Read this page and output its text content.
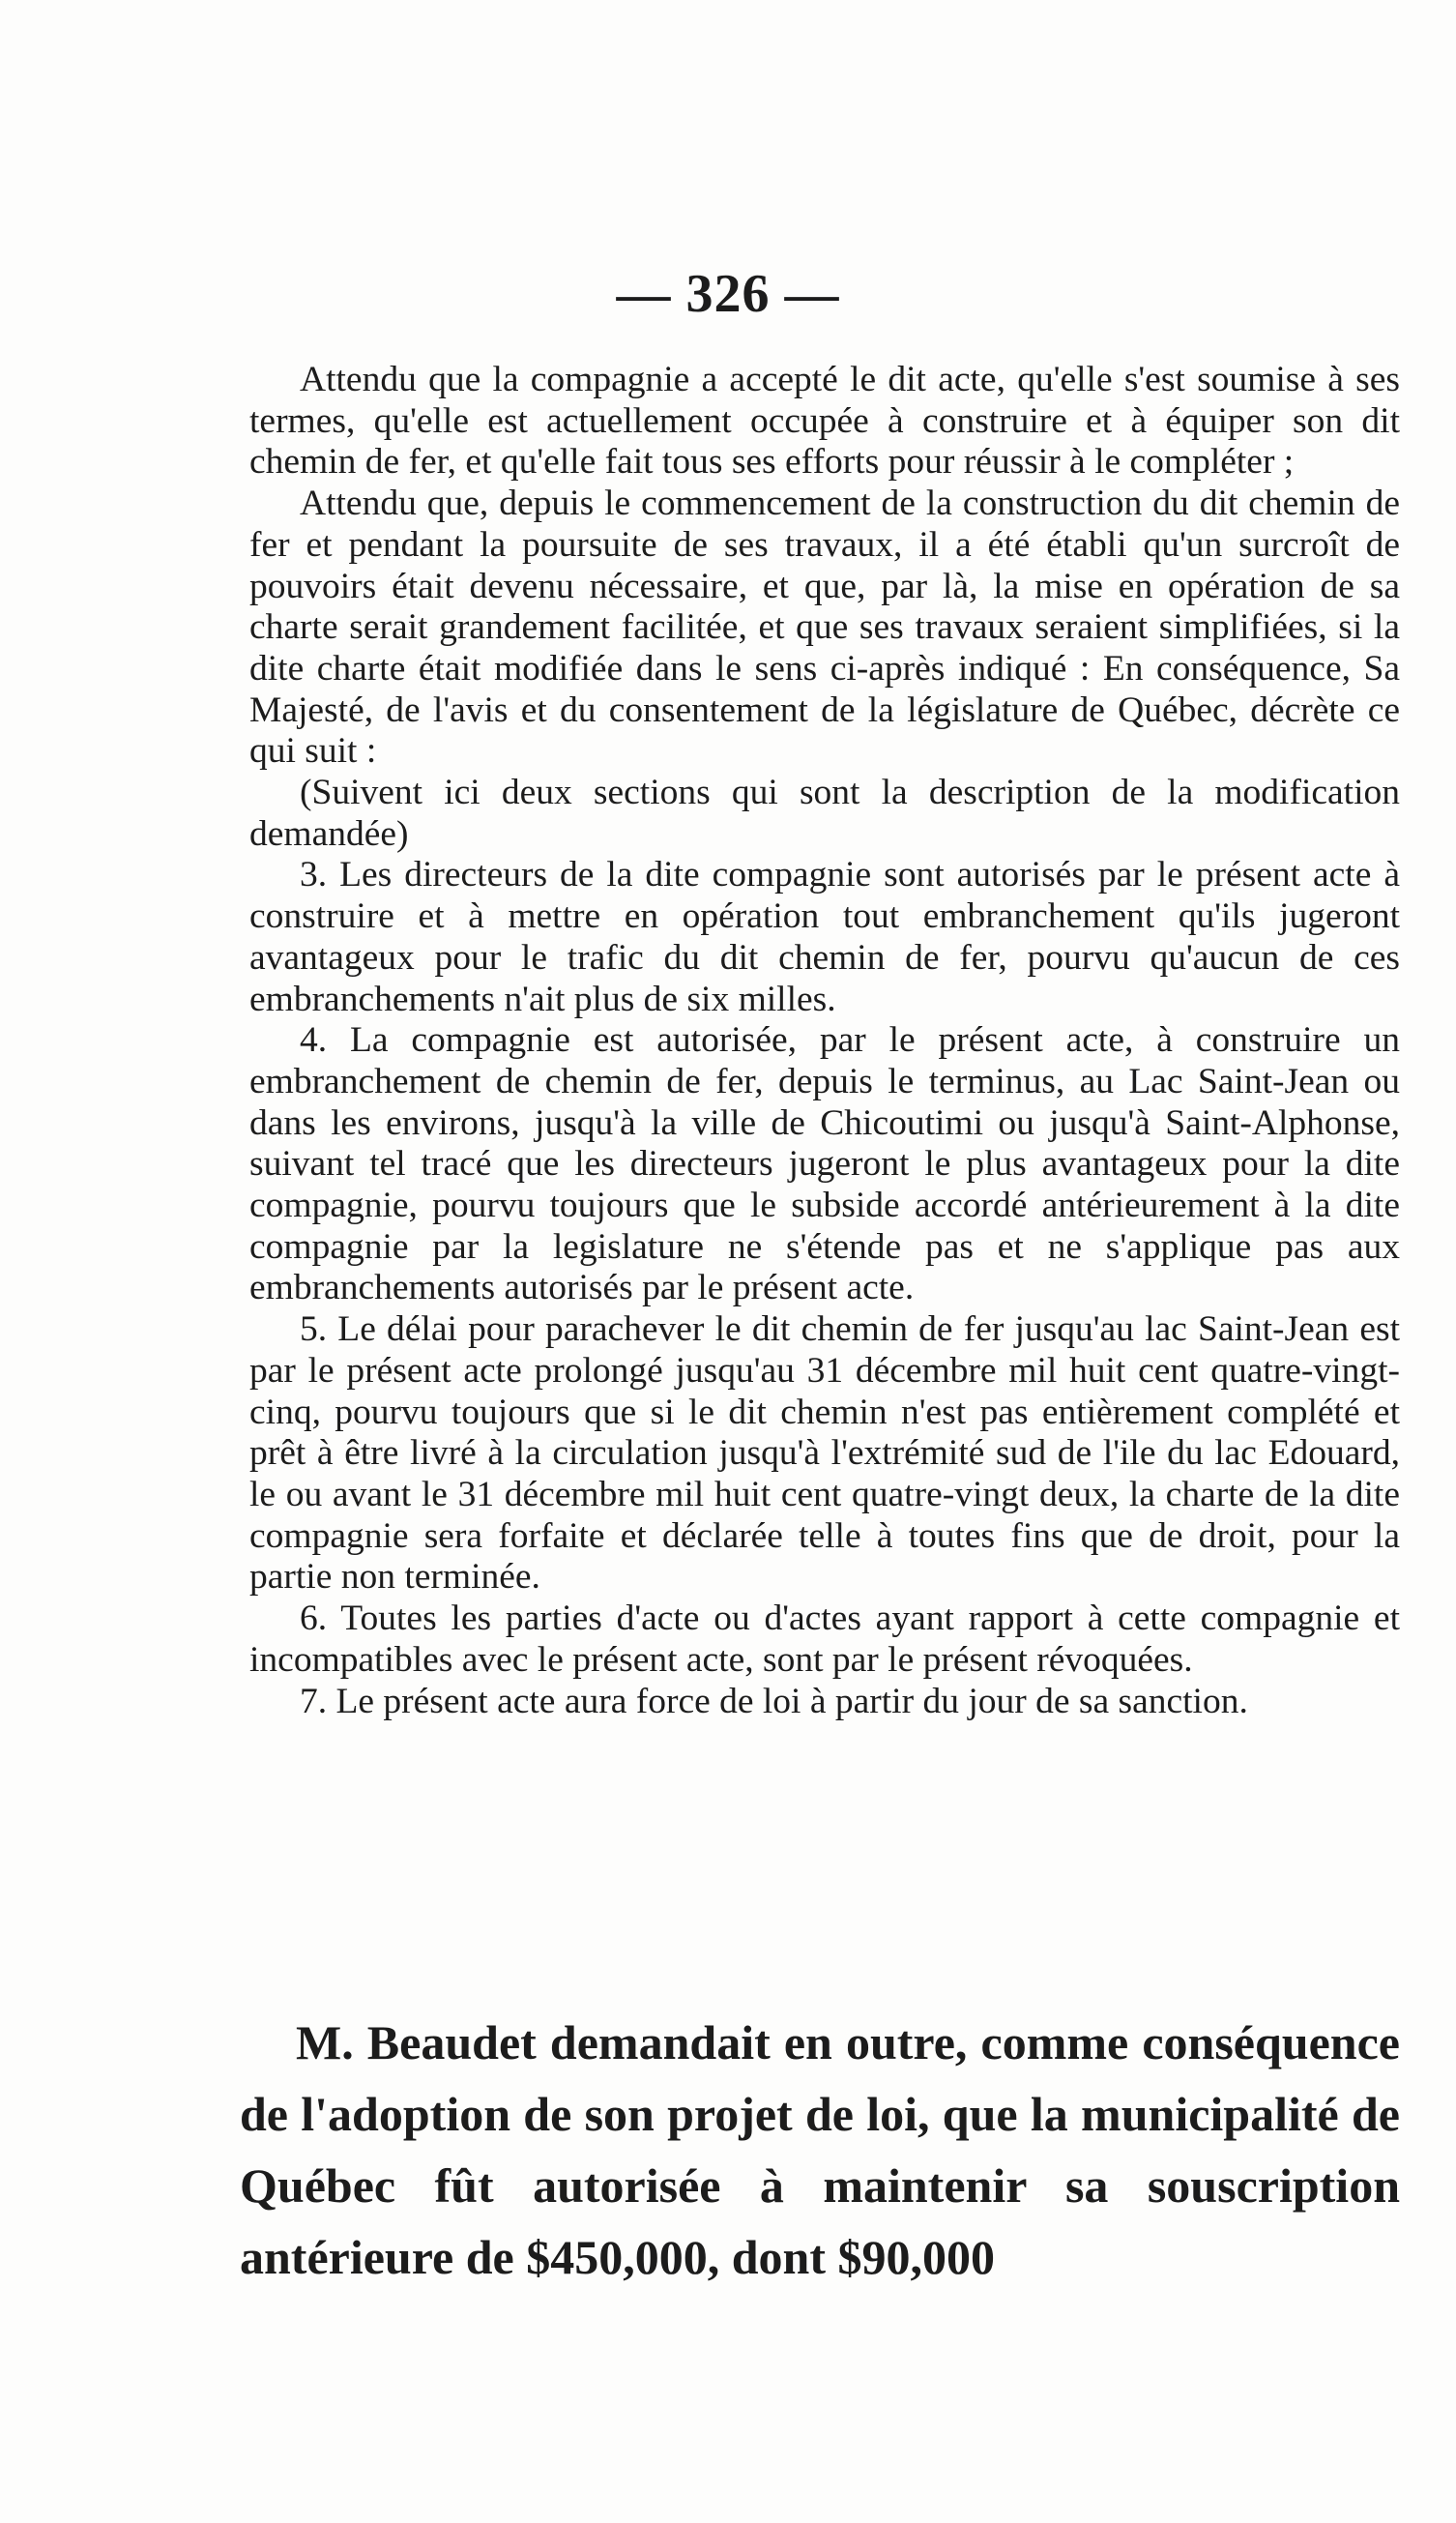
— 326 —

Attendu que la compagnie a accepté le dit acte, qu'elle s'est soumise à ses termes, qu'elle est actuellement occupée à construire et à équiper son dit chemin de fer, et qu'elle fait tous ses efforts pour réussir à le compléter ;

Attendu que, depuis le commencement de la construction du dit chemin de fer et pendant la poursuite de ses travaux, il a été établi qu'un surcroît de pouvoirs était devenu nécessaire, et que, par là, la mise en opération de sa charte serait grandement facilitée, et que ses travaux seraient simplifiées, si la dite charte était modifiée dans le sens ci-après indiqué : En conséquence, Sa Majesté, de l'avis et du consentement de la législature de Québec, décrète ce qui suit :

(Suivent ici deux sections qui sont la description de la modification demandée)

3. Les directeurs de la dite compagnie sont autorisés par le présent acte à construire et à mettre en opération tout embranchement qu'ils jugeront avantageux pour le trafic du dit chemin de fer, pourvu qu'aucun de ces embranchements n'ait plus de six milles.

4. La compagnie est autorisée, par le présent acte, à construire un embranchement de chemin de fer, depuis le terminus, au Lac Saint-Jean ou dans les environs, jusqu'à la ville de Chicoutimi ou jusqu'à Saint-Alphonse, suivant tel tracé que les directeurs jugeront le plus avantageux pour la dite compagnie, pourvu toujours que le subside accordé antérieurement à la dite compagnie par la legislature ne s'étende pas et ne s'applique pas aux embranchements autorisés par le présent acte.

5. Le délai pour parachever le dit chemin de fer jusqu'au lac Saint-Jean est par le présent acte prolongé jusqu'au 31 décembre mil huit cent quatre-vingt-cinq, pourvu toujours que si le dit chemin n'est pas entièrement complété et prêt à être livré à la circulation jusqu'à l'extrémité sud de l'ile du lac Edouard, le ou avant le 31 décembre mil huit cent quatre-vingt deux, la charte de la dite compagnie sera forfaite et déclarée telle à toutes fins que de droit, pour la partie non terminée.

6. Toutes les parties d'acte ou d'actes ayant rapport à cette compagnie et incompatibles avec le présent acte, sont par le présent révoquées.

7. Le présent acte aura force de loi à partir du jour de sa sanction.

M. Beaudet demandait en outre, comme conséquence de l'adoption de son projet de loi, que la municipalité de Québec fût autorisée à maintenir sa souscription antérieure de $450,000, dont $90,000
